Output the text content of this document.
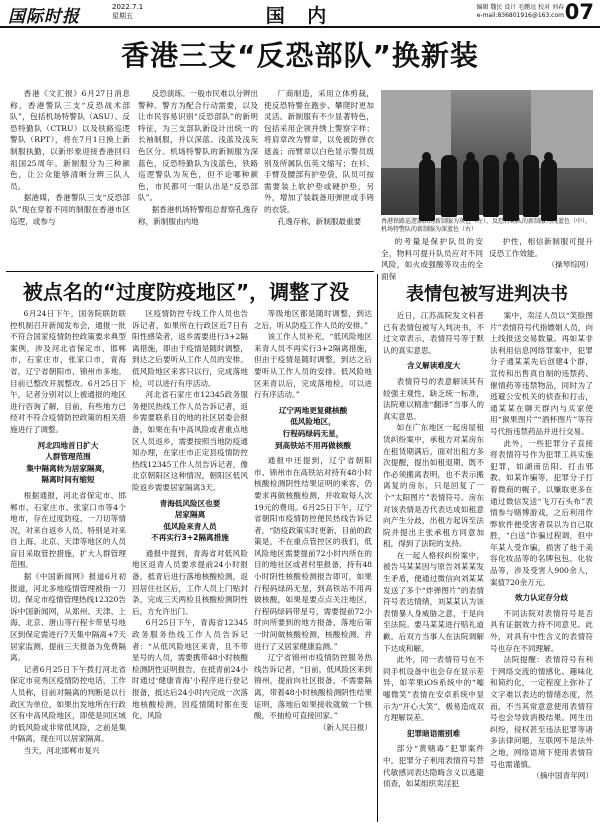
国际时报	2022.7.1
星期五	国 内	编辑 魏民 设计 毛鹏远 校对 刘春
e-mail:836801916@163.com 07
香港三支“反恐部队”换新装

香港《文汇报》6月27日消息称，香港警队三支“反恐战术部队”，包括机场特警队（ASU）、反恐特勤队（CTRU）以及铁路巡逻警队（RPT），将在7月1日换上新制服执勤，以新形象迎接香港回归祖国25周年。新制服分为三种颜色，让公众能够清晰分辨三队人员。

据港媒，香港警队三支“反恐部队”现在穿着不同的制服在香港市区巡逻，或参与

反恐演练。一般市民难以分辨出警种。警方为配合行动需要，以及让市民容易识别“反恐部队”的新明特征，为三支部队新设计出统一的长袖制服，并以深蓝、浅蓝及浅灰色区分。机场特警队的新制服为深蓝色，反恐特勤队为浅蓝色，铁路巡逻警队为灰色，但不论哪种颜色，市民都可一眼认出是“反恐部队”。

据香港机场特警组总督察孔逸存称，新制服由内地

厂商制造，采用立体剪裁，使反恐特警在跑步、攀爬时更加灵活。新制服有不少显著特色，包括采用企领并绣上警察字样；将肩章改为臂章，以免被防弹衣遮盖；而臂章以白色显示警员级别及所属队伍英文缩写；在衫、手臂及腰部有护垫袋，队员可按需要装上软护垫或硬护垫，另外，增加了装载备用弹匣或手铐的衣袋。

孔逸存称，新制服最重要	香港铁路巡逻部队的新制服为灰色（左），反恐特勤队的新制服为浅蓝色（中），机场特警队的新制服为深蓝色（右）

的考量是保护队员的安全，物料可提升队员应对不同风险，如火或强酸等攻击的全面保

护性，相信新制服可提升反恐工作效能。

（操琴综网）

被点名的“过度防疫地区”，调整了没

6月24日下午，国务院联防联控机制召开新闻发布会，通报一批不符合国家疫情防控政策要求典型案例，涉及河北省保定市、邯郸市，石家庄市，张家口市，青海省，辽宁省朝阳市、锦州市多地。目前已整改开展整改。6月25日下午，记者分别对以上被通报的地区进行咨询了解，目前，有些地方已经对不符合疫情防控政策的相关措施进行了调整。

河北四地首日扩大
人群管理范围
集中隔离转为居家隔离，
隔离时间有缩短

根据通报，河北省保定市、邯郸市、石家庄市、张家口市等4个地市，存在过度防疫、一刀切等情况，对来自返乡人员、特别是对来自上海、北京、天津等地区的人员盲目采取管控措施，扩大人群管理范围。

据《中国新闻网》报道6月初报道，河北多地疫情管理被指一刀切。保定市疫情管理热线12320告诉中国新闻网，从郑州、天津、上海、北京、唐山等行程卡带星号地区到保定需进行7天集中隔离+7天居家监测，提前三天报备为免费隔离。

记者6月25日下午拨打河北省保定市竞秀区疫情防控电话，工作人员称，目前对隔离的判断是以行政区为单位，如果出发地所在行政区有中高风险地区，即使是同区域的低风险或非常低风险，之前是集中隔离，现在可以居家隔离。

当天，河北邯郸市复兴

区疫情防控专线工作人员也告诉记者，如果所在行政区近7日有阳性感染者，返乡需要进行3+2隔离措施，即由于疫情是随时调整，到达之后要听从工作人员的安排。低风险地区来客只以行，完成落地检，可以进行有序活动。

河北省石家庄市12345政务服务便民热线工作人员告诉记者，返乡需要联系目的地的社区居委会报备，如果在有中高风险或者重点地区人员返乡，需要按照当地防疫通知办理，在家庄市正定县疫情防控热线12345工作人员告诉记者，像北京朝阳区这种情况，朝阳区低风险返乡需要居家隔离3天。

青海低风险区也要
居家隔离
低风险来青人员
不再实行3+2隔离措施

通报中提到，青海省对低风险地区返青人员要求提前24小时报备，抵青后进行落地核酸检测，返回居住社区后，工作人员上门贴封条，完成三天两检且核酸检测阴性后，方允许出门。

6月25日下午，青海省12345政务服务热线工作人员告诉记者：“从低风险地区来青，且不带星号的人员，需要携带48小时核酸检测阴性证明报告，在抵青前24小时通过‘健康青海’小程序进行登记报备，抵达后24小时内完成一次落地核酸检测，因疫情随时都在变化，风险

等级地区都是随时调整，到达之后，听从防疫工作人员的安排。”

该工作人员补充，“低风险地区来青人员不再实行3+2隔离措施，但由于疫情是随时调整，到达之后要听从工作人员的安排。低风险地区来青以后，完成落地检，可以进行有序活动。”

辽宁两地更复健核酸
低风险地区，
行程码绿码无星，
到高铁站不用再做核酸

通报中还提到，辽宁省朝阳市、锦州市在高铁站对持有48小时核酸检测阴性结果证明的乘客，仍要求再做核酸检测，并收取每人次19元的费用。6月25日下午，辽宁省朝阳市疫情防控便民热线告诉记者，“防疫政策实时更新，目前的政策是，不在重点管控区的我们，低风险地区需要提前72小时内所在的目的地社区或者村里报备，持有48小时阴性核酸检测报告即可，如果行程码绿码无星，到高铁站不用再做核酸，如果是要点点关注地区，行程码绿码带星号，需要提前72小时向所要到的地方报备，落地后第一时间做核酸检测，核酸检测、并进行了又居家健康监测。”

辽宁省锦州市疫情防控服务热线告诉记者，“目前，低风险区来到锦州，提前向社区报备，不需要隔离，带着48小时核酸检测阴性结果证明，落地后如果接收就做一个核酸，不抽检可直接回家。”

（新人民日报）

表情包被写进判决书

近日，江苏高院发文科普已有表情包被写入判决书，不过文章表示，表情符号等于默认的真实意思。

含义解读难度大

表情符号的表意解读其有较强主观性，缺乏统一标准，法院难以精准“翻译”当事人的真实意思。

如在广东地区一起房屋租赁纠纷案中，承租方对某房东在租赁期满后，面对出租方多次提醒，提出如租退期，既不作必须搬离表明，也不表示搬离复的房东，只是回复了一个“太阳图片”表情符号。房东对该表情是否代表达成如租意向产生分歧，出租方起诉至法院并提出主张承租方同意加租，得到了法院的支持。

在一起人格权纠纷案中，被告马某某因与原告刘某某发生矛盾，便通过微信向刘某某发送了多个“炸弹图片”的表情符号表达情绪，刘某某认为该表情暴人身威胁之意，于是向至法院。要马某某进行赔礼道歉。后双方当事人在法院调解下达成和解。

此外，同一表情符号在不同手机设备中也会存在显示差异，如苹果iOS系统中的“嘘嘘微笑”表情在安卓系统中显示为“开心大笑”，极易造成双方理解误差。

犯罪暗语需别难

部分“黄赌毒”犯罪案件中，犯罪分子利用表情符号替代敏感词表达隐晦含义以逃避侦查，如某组织卖淫犯

案中，卖淫人员以“笑脸图片”表情符号代指嫖娼人员，向上线报送交易数量。再如某非法利用信息网络罪案中，犯罪分子通某某先后创建4个群，宣传和出售真自制的违禁药、催情药等违禁物品，同时为了逃避公安机关的侦查和打击，通某某在聊天群内与买家使用“猴果图片”“酒杯图片”等符号代指违禁药品并进行交易。

此外，一些犯罪分子直接将表情符号作为犯罪工具实施犯罪，如湖南岳阳、打击邪教、如某诈骗等，犯罪分子打着微商的幌子，以赚取更多在通过微信发送“飞刀石头布”表情参与赌博游戏，之后利用作弊软件便受害者误以为自己取胜，“白送”诈骗过程调，但中年某人受诈骗，损害了他于美容化妆品等的名牌包包、化妆品等，涉及受害人900余人，案值720余万元。

效力认定存分歧

不同法院对表情符号是否具有证据效力持不同意见。此外，对具有中性含义的表情符号也存在不同理解。

法院提醒：表情符号有利于网络交流的情感化、趣味化和简约化，一定程度上弥补了文字难以表达的情绪态度，然而，不当其常意意使用表情符号也会导致消极结果。网生出纠纷，侵权甚至违法犯罪等诸多法律问题，互联网不是法外之地，网络语境下使用表情符号也需谨慎。

（摘中国青年网）
